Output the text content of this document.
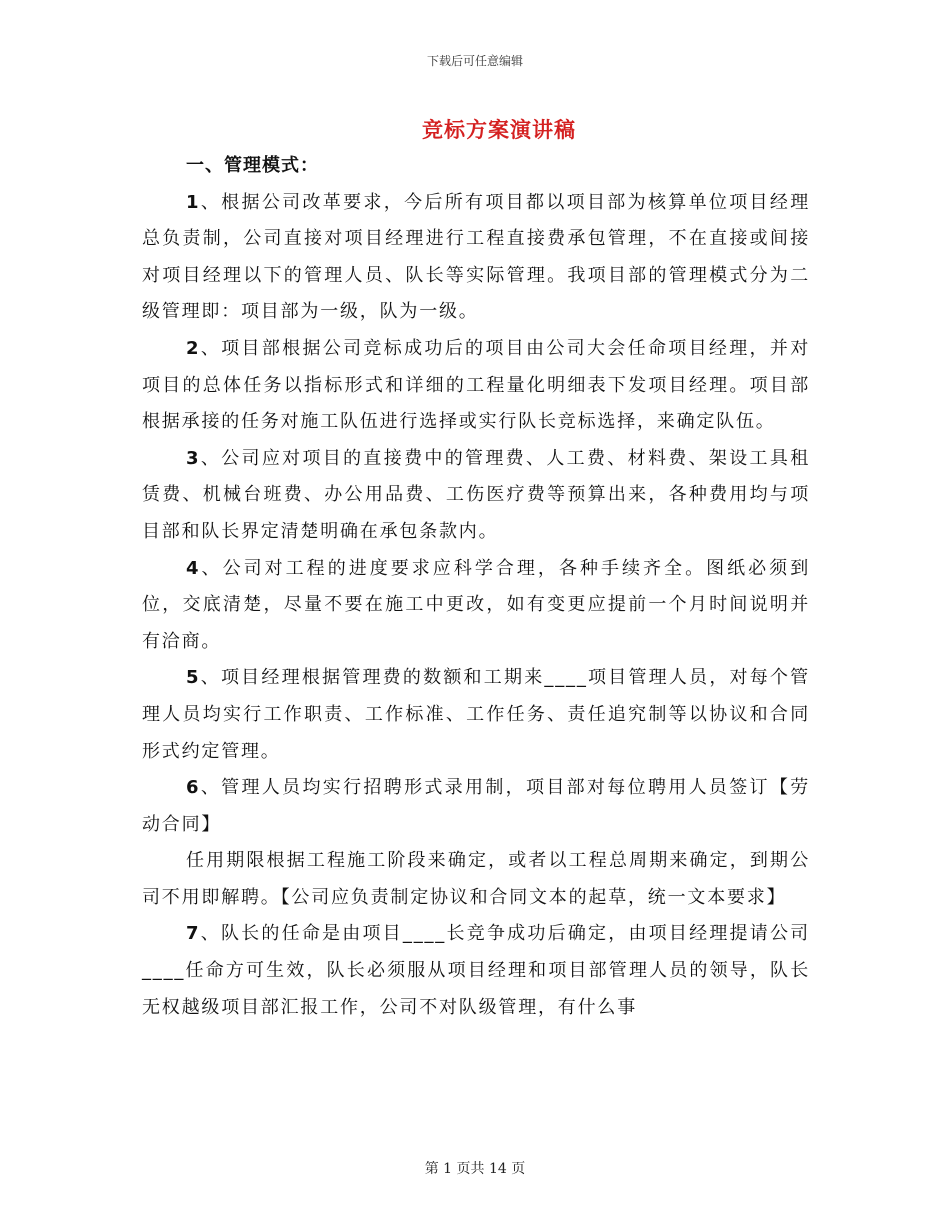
下载后可任意编辑
竞标方案演讲稿

一、管理模式：

1、根据公司改革要求，今后所有项目都以项目部为核算单位项目经理总负责制，公司直接对项目经理进行工程直接费承包管理，不在直接或间接对项目经理以下的管理人员、队长等实际管理。我项目部的管理模式分为二级管理即：项目部为一级，队为一级。

2、项目部根据公司竞标成功后的项目由公司大会任命项目经理，并对项目的总体任务以指标形式和详细的工程量化明细表下发项目经理。项目部根据承接的任务对施工队伍进行选择或实行队长竞标选择，来确定队伍。

3、公司应对项目的直接费中的管理费、人工费、材料费、架设工具租赁费、机械台班费、办公用品费、工伤医疗费等预算出来，各种费用均与项目部和队长界定清楚明确在承包条款内。

4、公司对工程的进度要求应科学合理，各种手续齐全。图纸必须到位，交底清楚，尽量不要在施工中更改，如有变更应提前一个月时间说明并有洽商。

5、项目经理根据管理费的数额和工期来____项目管理人员，对每个管理人员均实行工作职责、工作标准、工作任务、责任追究制等以协议和合同形式约定管理。

6、管理人员均实行招聘形式录用制，项目部对每位聘用人员签订【劳动合同】

任用期限根据工程施工阶段来确定，或者以工程总周期来确定，到期公司不用即解聘。【公司应负责制定协议和合同文本的起草，统一文本要求】

7、队长的任命是由项目____长竞争成功后确定，由项目经理提请公司____任命方可生效，队长必须服从项目经理和项目部管理人员的领导，队长无权越级项目部汇报工作，公司不对队级管理，有什么事

第 1 页共 14 页
